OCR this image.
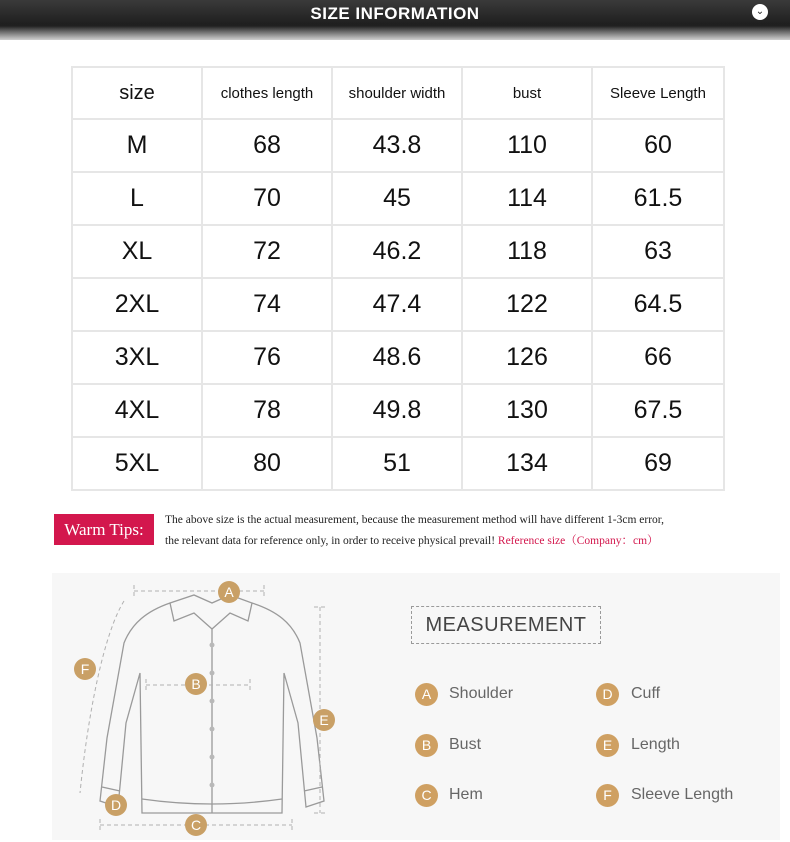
SIZE INFORMATION	⌄
size	clothes length	shoulder width	bust	Sleeve Length
M	68	43.8	110	60
L	70	45	114	61.5
XL	72	46.2	118	63
2XL	74	47.4	122	64.5
3XL	76	48.6	126	66
4XL	78	49.8	130	67.5
5XL	80	51	134	69
Warm Tips:	The above size is the actual measurement, because the measurement method will have different 1-3cm error,
the relevant data for reference only, in order to receive physical prevail! Reference size（Company：cm）
A
B
C
D
E
F
MEASUREMENT
A	Shoulder
B	Bust
C	Hem
D	Cuff
E	Length
F	Sleeve Length
